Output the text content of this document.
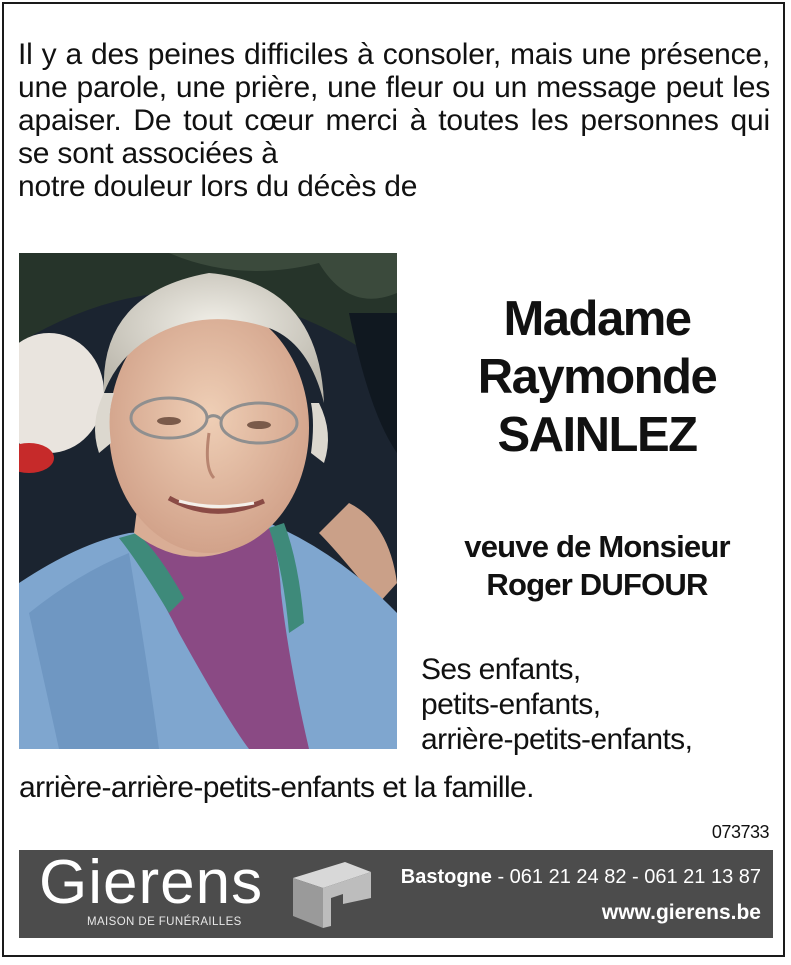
Il y a des peines difficiles à consoler, mais une présence, une parole, une prière, une fleur ou un message peut les apaiser. De tout cœur merci à toutes les personnes qui se sont associées à
notre douleur lors du décès de
Madame
Raymonde
SAINLEZ
veuve de Monsieur
Roger DUFOUR
Ses enfants,
petits-enfants,
arrière-petits-enfants,
arrière-arrière-petits-enfants et la famille.
073733
Gierens
MAISON DE FUNÉRAILLES
Bastogne - 061 21 24 82 - 061 21 13 87
www.gierens.be
